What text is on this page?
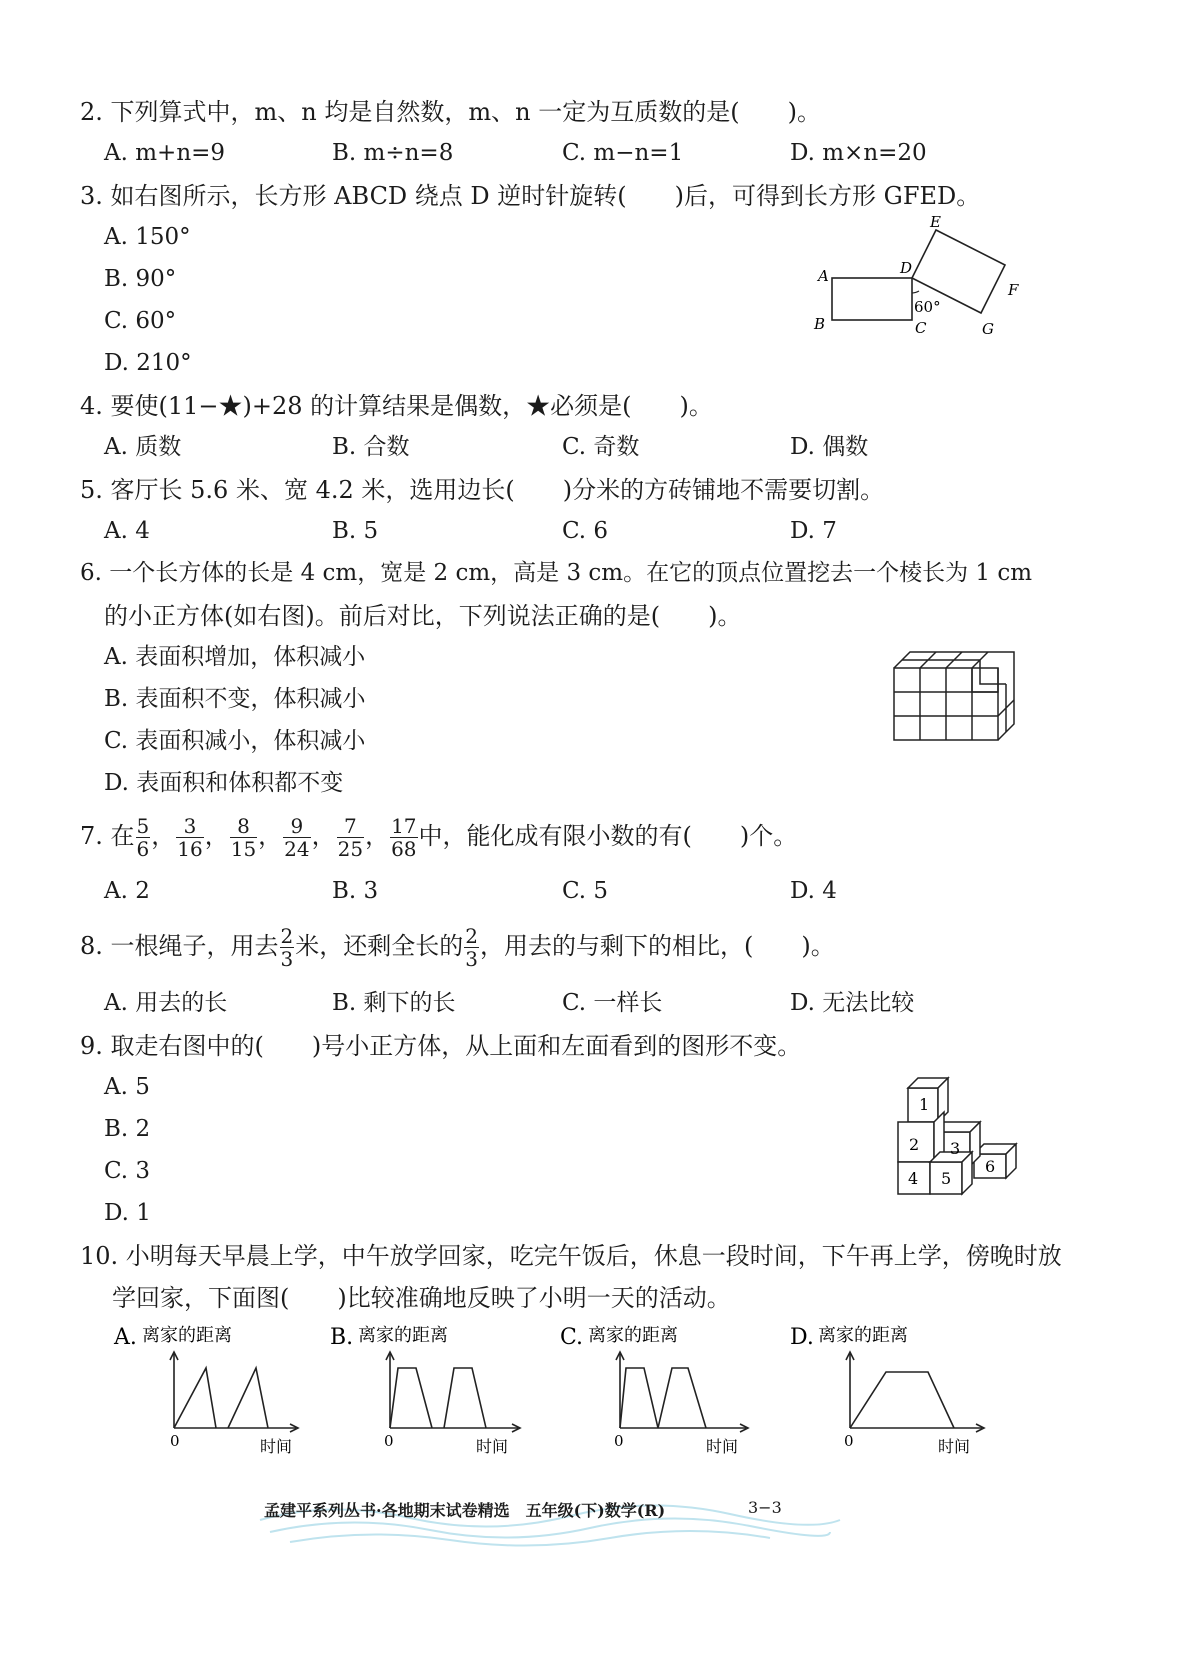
2. 下列算式中，m、n 均是自然数，m、n 一定为互质数的是(　　)。
A. m+n=9	B. m÷n=8	C. m−n=1	D. m×n=20
3. 如右图所示，长方形 ABCD 绕点 D 逆时针旋转(　　)后，可得到长方形 GFED。
A. 150°
B. 90°
C. 60°
D. 210°
A
B	C
D
E
F
G
60°
4. 要使(11−★)+28 的计算结果是偶数，★必须是(　　)。
A. 质数	B. 合数	C. 奇数	D. 偶数
5. 客厅长 5.6 米、宽 4.2 米，选用边长(　　)分米的方砖铺地不需要切割。
A. 4	B. 5	C. 6	D. 7
6. 一个长方体的长是 4 cm，宽是 2 cm，高是 3 cm。在它的顶点位置挖去一个棱长为 1 cm
的小正方体(如右图)。前后对比，下列说法正确的是(　　)。
A. 表面积增加，体积减小
B. 表面积不变，体积减小
C. 表面积减小，体积减小
D. 表面积和体积都不变
7. 在 $\frac{5}{6}$ ， $\frac{3}{16}$ ， $\frac{8}{15}$ ， $\frac{9}{24}$ ， $\frac{7}{25}$ ， $\frac{17}{68}$ 中，能化成有限小数的有(　　)个。
A. 2	B. 3	C. 5	D. 4
8. 一根绳子，用去 $\frac{2}{3}$ 米，还剩全长的 $\frac{2}{3}$ ，用去的与剩下的相比，(　　)。
A. 用去的长	B. 剩下的长	C. 一样长	D. 无法比较
9. 取走右图中的(　　)号小正方体，从上面和左面看到的图形不变。
A. 5
B. 2
C. 3
D. 1
1
2 3
4 5
6
10. 小明每天早晨上学，中午放学回家，吃完午饭后，休息一段时间，下午再上学，傍晚时放
学回家，下面图(　　)比较准确地反映了小明一天的活动。
A. 离家的距离
0	时间
B. 离家的距离
0	时间
C. 离家的距离
0	时间
D. 离家的距离
0	时间
孟建平系列丛书·各地期末试卷精选　五年级(下)数学(R)	3−3
